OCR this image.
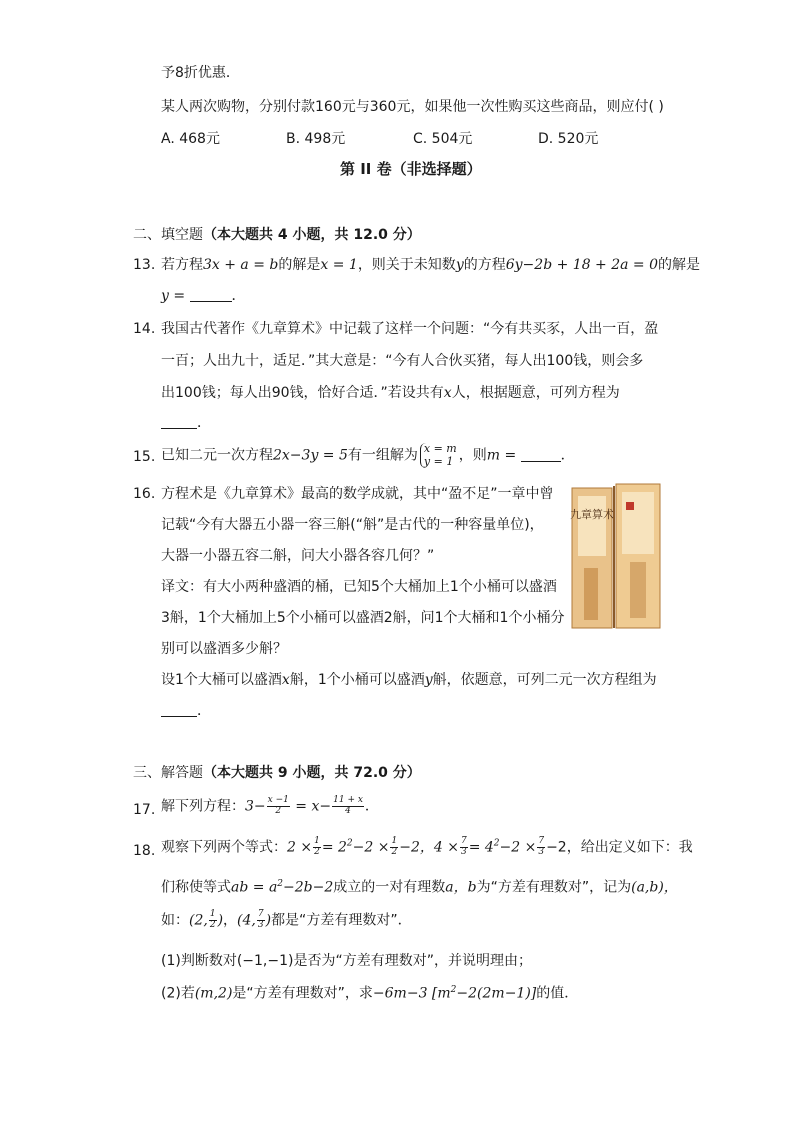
予8折优惠．
某人两次购物，分别付款160元与360元，如果他一次性购买这些商品，则应付( )
A. 468元	B. 498元	C. 504元	D. 520元
第 II 卷（非选择题）
二、填空题（本大题共 4 小题，共 12.0 分）
13. 若方程3x + a = b的解是x = 1，则关于未知数y的方程6y−2b + 18 + 2a = 0的解是
y =	．
14. 我国古代著作《九章算术》中记载了这样一个问题：“今有共买豕，人出一百，盈
一百；人出九十，适足．”其大意是：“今有人合伙买猪，每人出100钱，则会多
出100钱；每人出90钱，恰好合适．”若设共有x人，根据题意，可列方程为
．
15. 已知二元一次方程2x−3y = 5有一组解为 x = m
y = 1 ，则m =	．
16. 方程术是《九章算术》最高的数学成就，其中“盈不足”一章中曾
记载“今有大器五小器一容三斛(“斛”是古代的一种容量单位)，
大器一小器五容二斛，问大小器各容几何？”
译文：有大小两种盛酒的桶，已知5个大桶加上1个小桶可以盛酒
3斛，1个大桶加上5个小桶可以盛酒2斛，问1个大桶和1个小桶分
别可以盛酒多少斛？
设1个大桶可以盛酒x斛，1个小桶可以盛酒y斛，依题意，可列二元一次方程组为
．
九章算术
三、解答题（本大题共 9 小题，共 72.0 分）
17. 解下列方程：$3- \frac{x -1}{2} = x- \frac{11 + x}{4}$ ．
18. 观察下列两个等式：$2 \times \frac{1}{2} = 2^2-2 \times \frac{1}{2} -2$，$4 \times \frac{7}{3} = 4^2-2 \times \frac{7}{3} -2$，给出定义如下：我
们称使等式ab = $a^2-2b-2$成立的一对有理数a，b为“方差有理数对”，记为(a,b)，
如：(2, $\frac{1}{2}$ )，(4, $\frac{7}{3}$ )都是“方差有理数对”．
(1)判断数对(−1,−1)是否为“方差有理数对”，并说明理由；
(2)若(m,2)是“方差有理数对”，求−6m−3 $[m^2-2(2m-1)]$的值．
